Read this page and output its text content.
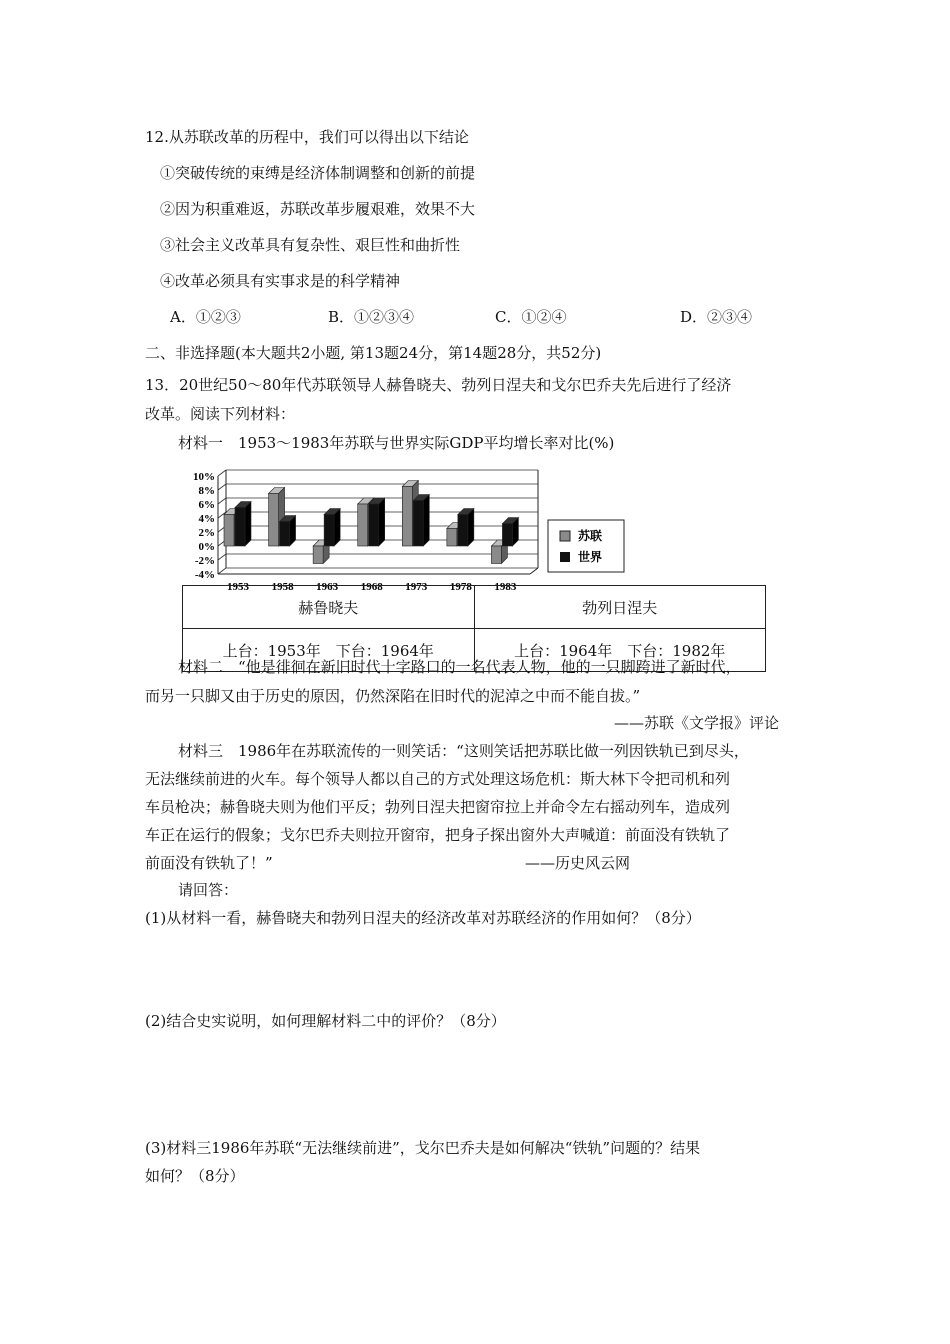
12.从苏联改革的历程中，我们可以得出以下结论
①突破传统的束缚是经济体制调整和创新的前提
②因为积重难返，苏联改革步履艰难，效果不大
③社会主义改革具有复杂性、艰巨性和曲折性
④改革必须具有实事求是的科学精神
A．①②③	B．①②③④	C．①②④	D．②③④
二、非选择题(本大题共2小题, 第13题24分，第14题28分，共52分)
13．20世纪50～80年代苏联领导人赫鲁晓夫、勃列日涅夫和戈尔巴乔夫先后进行了经济
改革。阅读下列材料：
材料一　1953～1983年苏联与世界实际GDP平均增长率对比(%)
10%
8%
6%
4%
2%
0%
-2%
-4%
1953 1958 1963 1968 1973 1978 1983
苏联
世界
赫鲁晓夫	勃列日涅夫
上台：1953年　下台：1964年	上台：1964年　下台：1982年
材料二　“他是徘徊在新旧时代十字路口的一名代表人物，他的一只脚跨进了新时代，
而另一只脚又由于历史的原因，仍然深陷在旧时代的泥淖之中而不能自拔。”
——苏联《文学报》评论
材料三　1986年在苏联流传的一则笑话：“这则笑话把苏联比做一列因铁轨已到尽头，
无法继续前进的火车。每个领导人都以自己的方式处理这场危机：斯大林下令把司机和列
车员枪决；赫鲁晓夫则为他们平反；勃列日涅夫把窗帘拉上并命令左右摇动列车，造成列
车正在运行的假象；戈尔巴乔夫则拉开窗帘，把身子探出窗外大声喊道：前面没有铁轨了
前面没有铁轨了！”	——历史风云网
请回答：
(1)从材料一看，赫鲁晓夫和勃列日涅夫的经济改革对苏联经济的作用如何？（8分）
(2)结合史实说明，如何理解材料二中的评价？（8分）
(3)材料三1986年苏联“无法继续前进”，戈尔巴乔夫是如何解决“铁轨”问题的？结果
如何？（8分）
